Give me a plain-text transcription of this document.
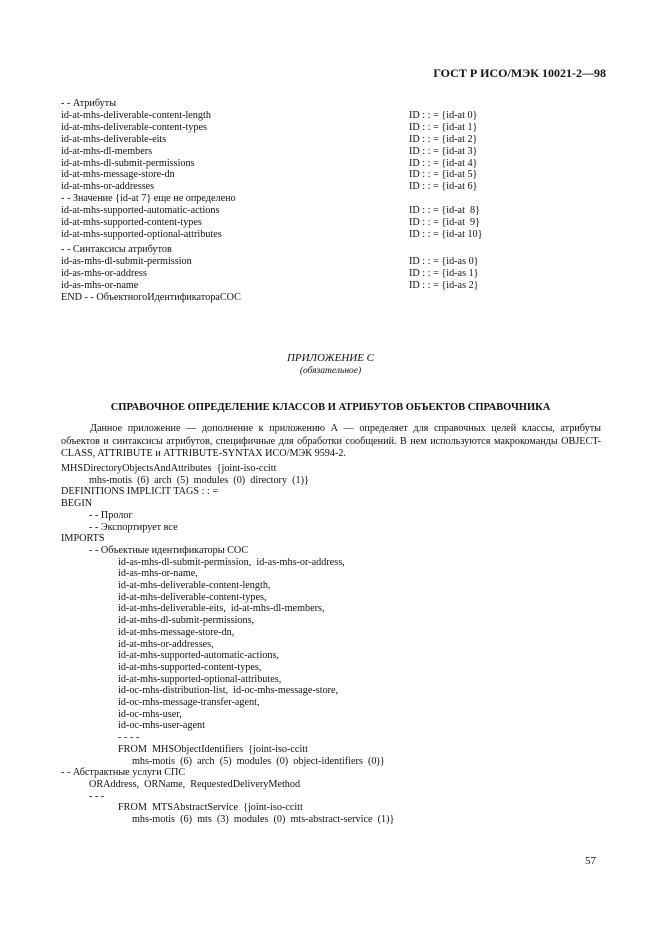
ГОСТ Р ИСО/МЭК 10021-2—98
- - Атрибуты
id-at-mhs-deliverable-content-length	ID : : = {id-at 0}
id-at-mhs-deliverable-content-types	ID : : = {id-at 1}
id-at-mhs-deliverable-eits	ID : : = {id-at 2}
id-at-mhs-dl-members	ID : : = {id-at 3}
id-at-mhs-dl-submit-permissions	ID : : = {id-at 4}
id-at-mhs-message-store-dn	ID : : = {id-at 5}
id-at-mhs-or-addresses	ID : : = {id-at 6}
- - Значение {id-at 7} еще не определено
id-at-mhs-supported-automatic-actions	ID : : = {id-at  8}
id-at-mhs-supported-content-types	ID : : = {id-at  9}
id-at-mhs-supported-optional-attributes	ID : : = {id-at 10}
- - Синтаксисы атрибутов
id-as-mhs-dl-submit-permission	ID : : = {id-as 0}
id-as-mhs-or-address	ID : : = {id-as 1}
id-as-mhs-or-name	ID : : = {id-as 2}
END - - ОбъектногоИдентификатораСОС
ПРИЛОЖЕНИЕ С
(обязательное)
СПРАВОЧНОЕ ОПРЕДЕЛЕНИЕ КЛАССОВ И АТРИБУТОВ ОБЪЕКТОВ СПРАВОЧНИКА
Данное приложение — дополнение к приложению А — определяет для справочных целей классы, атрибуты объектов и синтаксисы атрибутов, специфичные для обработки сообщений. В нем используются макрокоманды OBJECT-CLASS, ATTRIBUTE и ATTRIBUTE-SYNTAX ИСО/МЭК 9594-2.
MHSDirectoryObjectsAndAttributes  {joint-iso-ccitt
mhs-motis  (6)  arch  (5)  modules  (0)  directory  (1)}
DEFINITIONS IMPLICIT TAGS : : =
BEGIN
- - Пролог
- - Экспортирует все
IMPORTS
- - Объектные идентификаторы СОС
id-as-mhs-dl-submit-permission,  id-as-mhs-or-address,
id-as-mhs-or-name,
id-at-mhs-deliverable-content-length,
id-at-mhs-deliverable-content-types,
id-at-mhs-deliverable-eits,  id-at-mhs-dl-members,
id-at-mhs-dl-submit-permissions,
id-at-mhs-message-store-dn,
id-at-mhs-or-addresses,
id-at-mhs-supported-automatic-actions,
id-at-mhs-supported-content-types,
id-at-mhs-supported-optional-attributes,
id-oc-mhs-distribution-list,  id-oc-mhs-message-store,
id-oc-mhs-message-transfer-agent,
id-oc-mhs-user,
id-oc-mhs-user-agent
- - - -
FROM  MHSObjectIdentifiers  {joint-iso-ccitt
mhs-motis  (6)  arch  (5)  modules  (0)  object-identifiers  (0)}
- - Абстрактные услуги СПС
ORAddress,  ORName,  RequestedDeliveryMethod
- - -
FROM  MTSAbstractService  {joint-iso-ccitt
mhs-motis  (6)  mts  (3)  modules  (0)  mts-abstract-service  (1)}
57
